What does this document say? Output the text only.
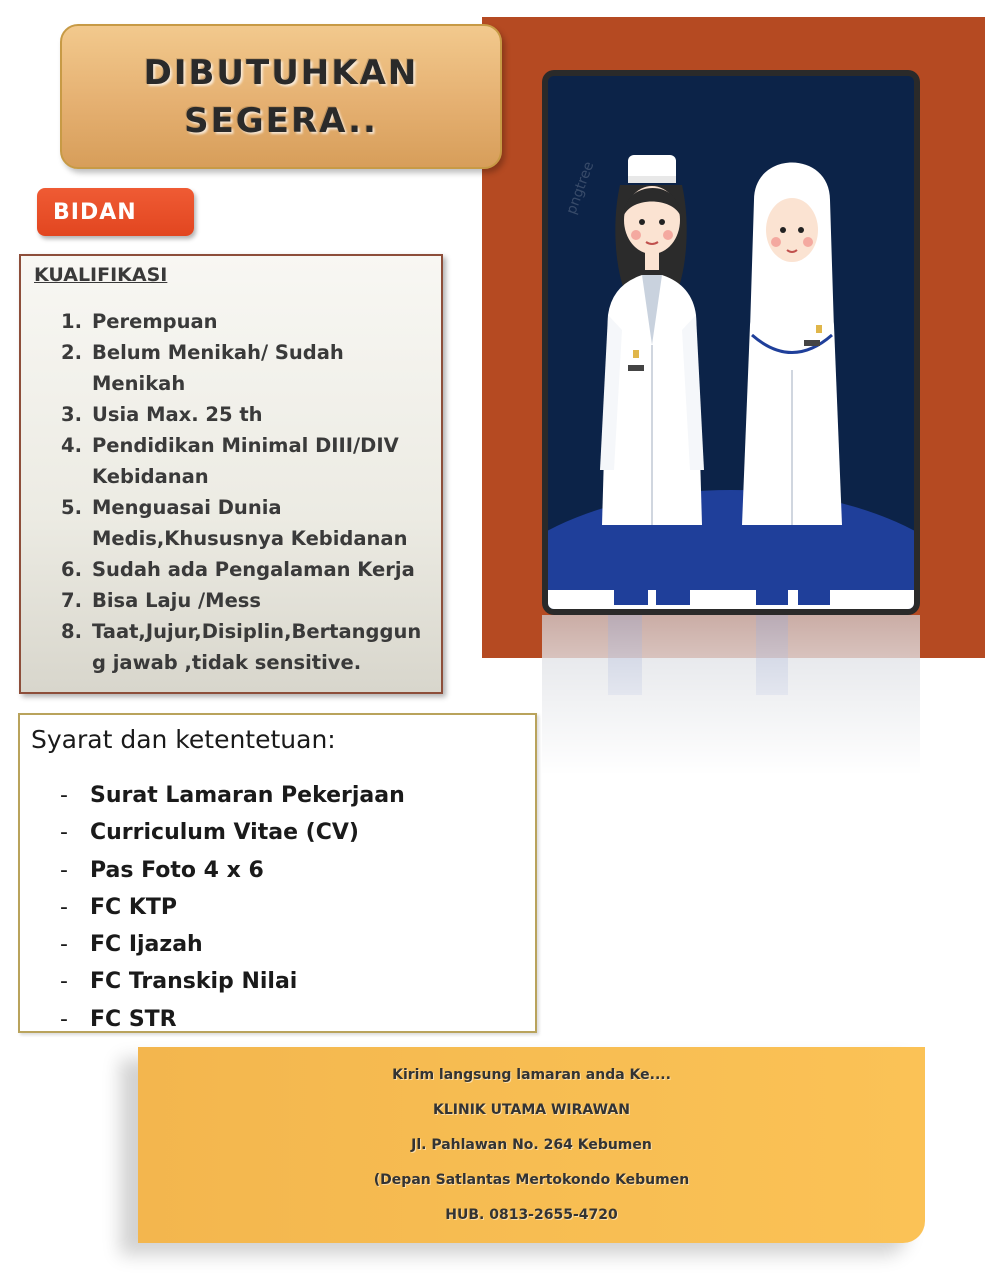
DIBUTUHKAN
SEGERA..
BIDAN
KUALIFIKASI
1. Perempuan
2. Belum Menikah/ Sudah
Menikah
3. Usia Max. 25 th
4. Pendidikan Minimal DIII/DIV
Kebidanan
5. Menguasai Dunia
Medis,Khususnya Kebidanan
6. Sudah ada Pengalaman Kerja
7. Bisa Laju /Mess
8. Taat,Jujur,Disiplin,Bertanggun
g jawab ,tidak sensitive.
Syarat dan ketentetuan:
-	Surat Lamaran Pekerjaan
-	Curriculum Vitae (CV)
-	Pas Foto 4 x 6
-	FC KTP
-	FC Ijazah
-	FC Transkip Nilai
-	FC STR
Kirim langsung lamaran anda Ke....
KLINIK UTAMA WIRAWAN
Jl. Pahlawan No. 264 Kebumen
(Depan Satlantas Mertokondo Kebumen
HUB. 0813-2655-4720
pngtree
